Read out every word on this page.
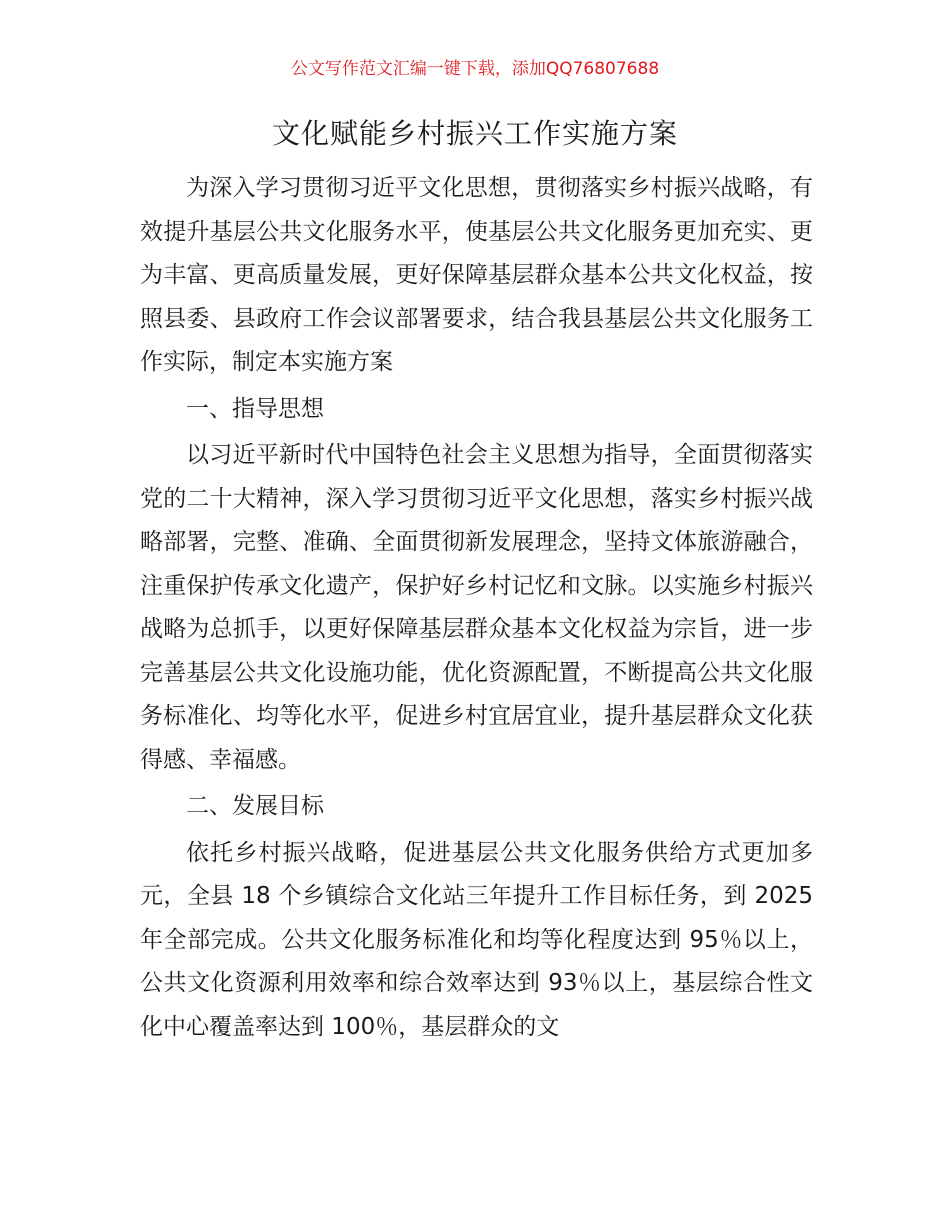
公文写作范文汇编一键下载，添加QQ76807688
文化赋能乡村振兴工作实施方案

为深入学习贯彻习近平文化思想，贯彻落实乡村振兴战略，有效提升基层公共文化服务水平，使基层公共文化服务更加充实、更为丰富、更高质量发展，更好保障基层群众基本公共文化权益，按照县委、县政府工作会议部署要求，结合我县基层公共文化服务工作实际，制定本实施方案

一、指导思想

以习近平新时代中国特色社会主义思想为指导，全面贯彻落实党的二十大精神，深入学习贯彻习近平文化思想，落实乡村振兴战略部署，完整、准确、全面贯彻新发展理念，坚持文体旅游融合，注重保护传承文化遗产，保护好乡村记忆和文脉。以实施乡村振兴战略为总抓手，以更好保障基层群众基本文化权益为宗旨，进一步完善基层公共文化设施功能，优化资源配置，不断提高公共文化服务标准化、均等化水平，促进乡村宜居宜业，提升基层群众文化获得感、幸福感。

二、发展目标

依托乡村振兴战略，促进基层公共文化服务供给方式更加多元，全县 18 个乡镇综合文化站三年提升工作目标任务，到 2025 年全部完成。公共文化服务标准化和均等化程度达到 95％以上，公共文化资源利用效率和综合效率达到 93％以上，基层综合性文化中心覆盖率达到 100％，基层群众的文
